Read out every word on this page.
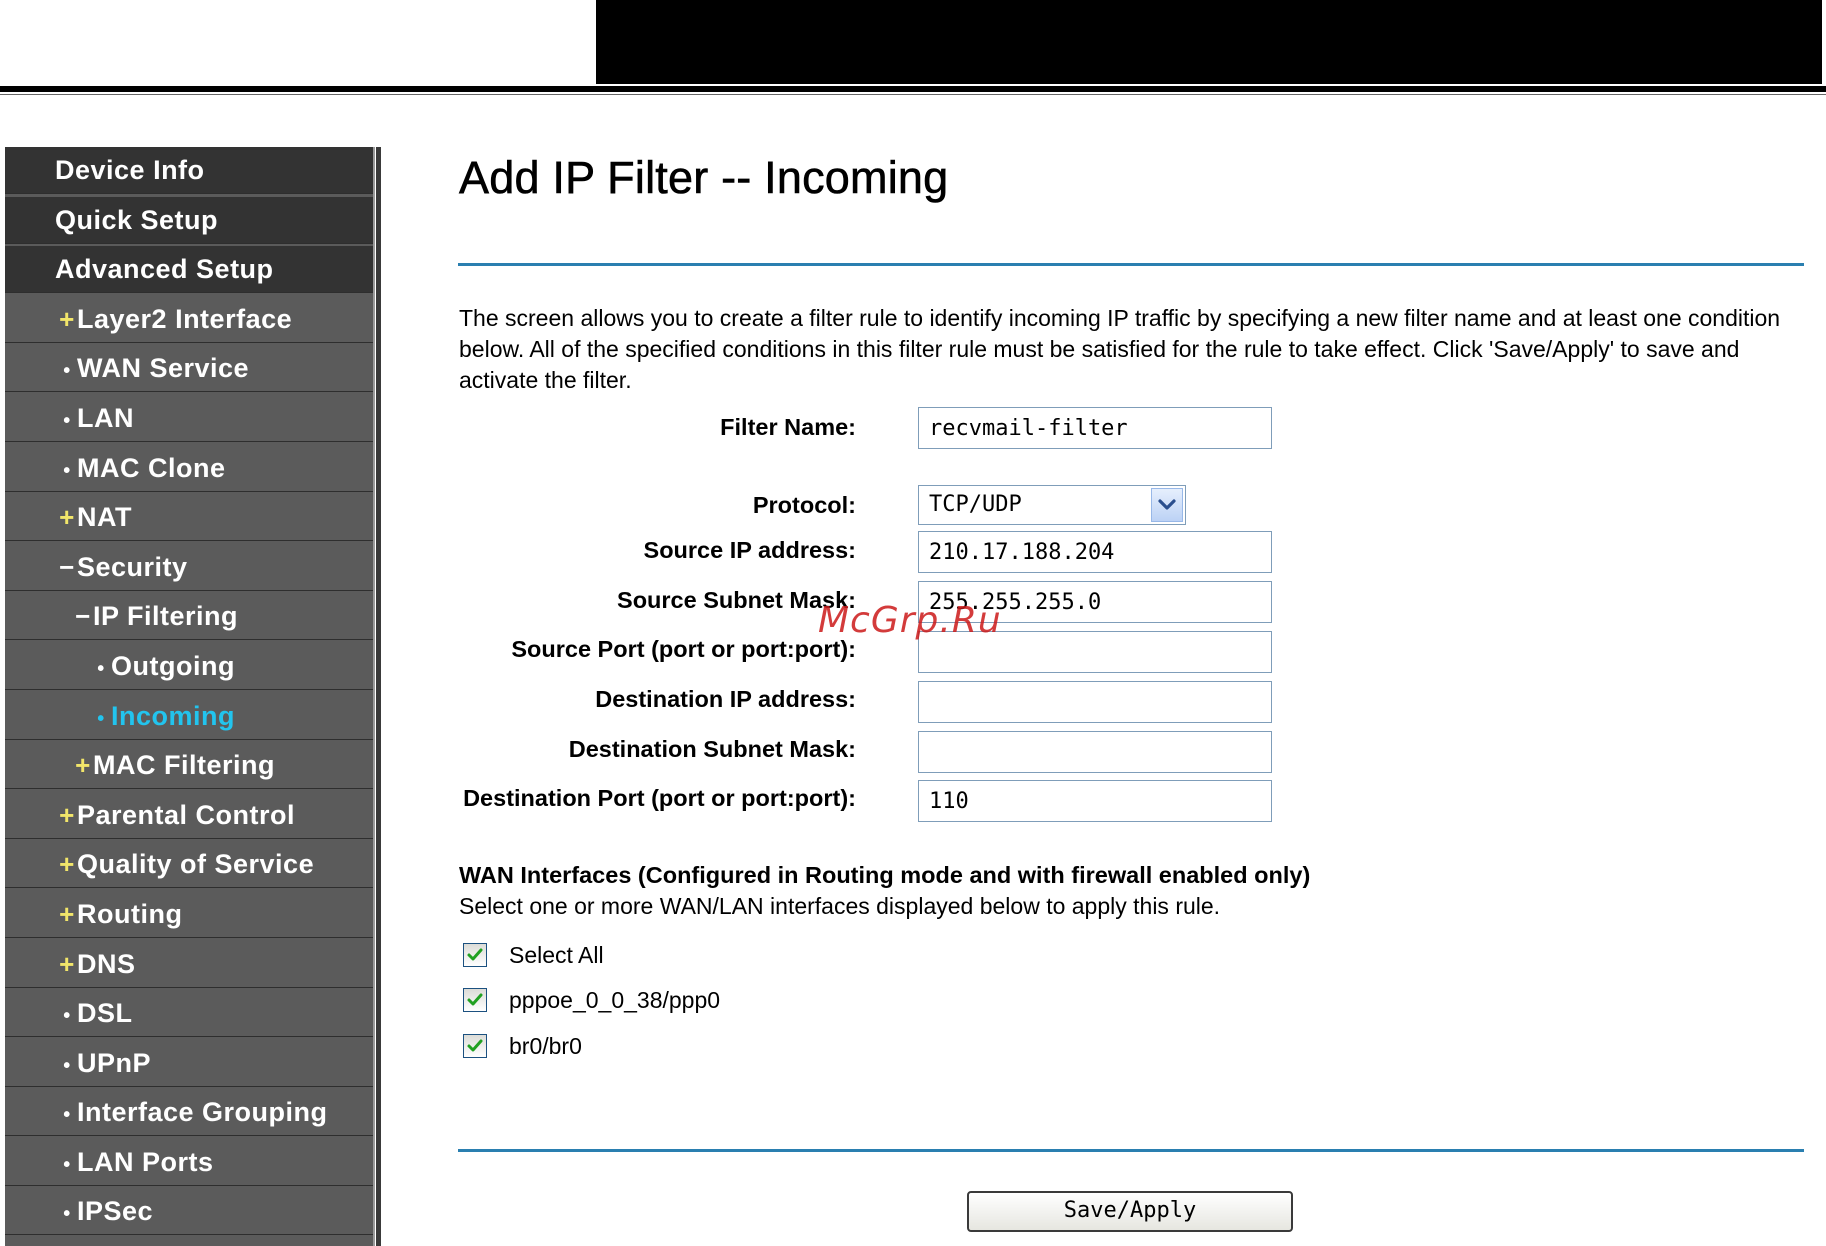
Device Info
Quick Setup
Advanced Setup
+Layer2 Interface
• WAN Service
• LAN
• MAC Clone
+NAT
−Security
−IP Filtering
• Outgoing
• Incoming
+MAC Filtering
+Parental Control
+Quality of Service
+Routing
+DNS
• DSL
• UPnP
• Interface Grouping
• LAN Ports
• IPSec
Add IP Filter -- Incoming
The screen allows you to create a filter rule to identify incoming IP traffic by specifying a new filter name and at least one condition below. All of the specified conditions in this filter rule must be satisfied for the rule to take effect. Click 'Save/Apply' to save and activate the filter.
Filter Name:
recvmail-filter
Protocol:	TCP/UDP
Source IP address:
210.17.188.204
Source Subnet Mask:
255.255.255.0
Source Port (port or port:port):
Destination IP address:
Destination Subnet Mask:
Destination Port (port or port:port):
110
WAN Interfaces (Configured in Routing mode and with firewall enabled only)
Select one or more WAN/LAN interfaces displayed below to apply this rule.
Select All
pppoe_0_0_38/ppp0
br0/br0
Save/Apply
McGrp.Ru
